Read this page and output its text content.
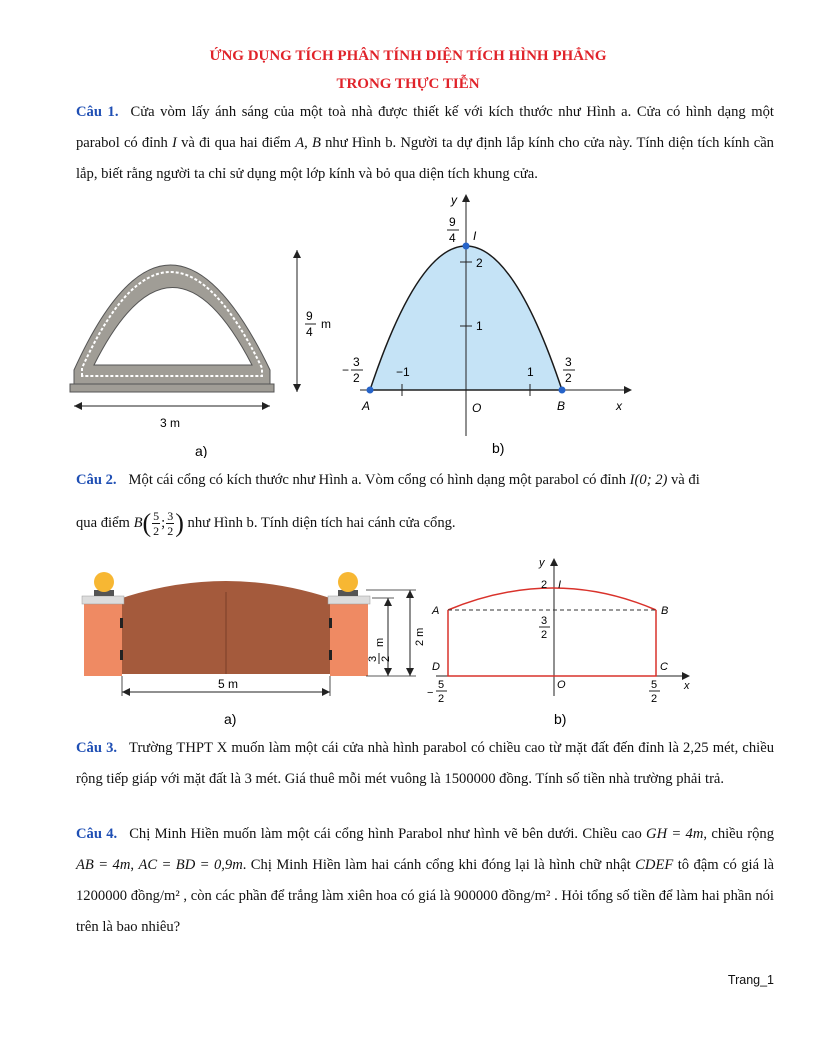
ỨNG DỤNG TÍCH PHÂN TÍNH DIỆN TÍCH HÌNH PHẲNG
TRONG THỰC TIỄN
Câu 1. Cửa vòm lấy ánh sáng của một toà nhà được thiết kế với kích thước như Hình a. Cửa có hình dạng một parabol có đỉnh I và đi qua hai điểm A, B như Hình b. Người ta dự định lắp kính cho cửa này. Tính diện tích kính cần lắp, biết rằng người ta chỉ sử dụng một lớp kính và bỏ qua diện tích khung cửa.
3 m
9
4
m
a)
y
x
O
9
4 I
2
1
−1	1
−
3
2
3
2
A	B
b)
Câu 2. Một cái cổng có kích thước như Hình a. Vòm cổng có hình dạng một parabol có đỉnh I(0; 2) và đi
qua điểm $B( \frac{5}{2}$ ; $\frac{3}{2}$ ) như Hình b. Tính diện tích hai cánh cửa cổng.
5 m
3 2
m	2 m
a)
y
x
O
2 I
3
2
A	B
D	C
−
5
2
5
2
b)
Câu 3. Trường THPT X muốn làm một cái cửa nhà hình parabol có chiều cao từ mặt đất đến đỉnh là 2,25 mét, chiều rộng tiếp giáp với mặt đất là 3 mét. Giá thuê mỗi mét vuông là 1500000 đồng. Tính số tiền nhà trường phải trả.
Câu 4. Chị Minh Hiền muốn làm một cái cổng hình Parabol như hình vẽ bên dưới. Chiều cao GH = 4m, chiều rộng AB = 4m, AC = BD = 0,9m. Chị Minh Hiền làm hai cánh cổng khi đóng lại là hình chữ nhật CDEF tô đậm có giá là 1200000 đồng/m² , còn các phần để trắng làm xiên hoa có giá là 900000 đồng/m² . Hỏi tổng số tiền để làm hai phần nói trên là bao nhiêu?
Trang_1
